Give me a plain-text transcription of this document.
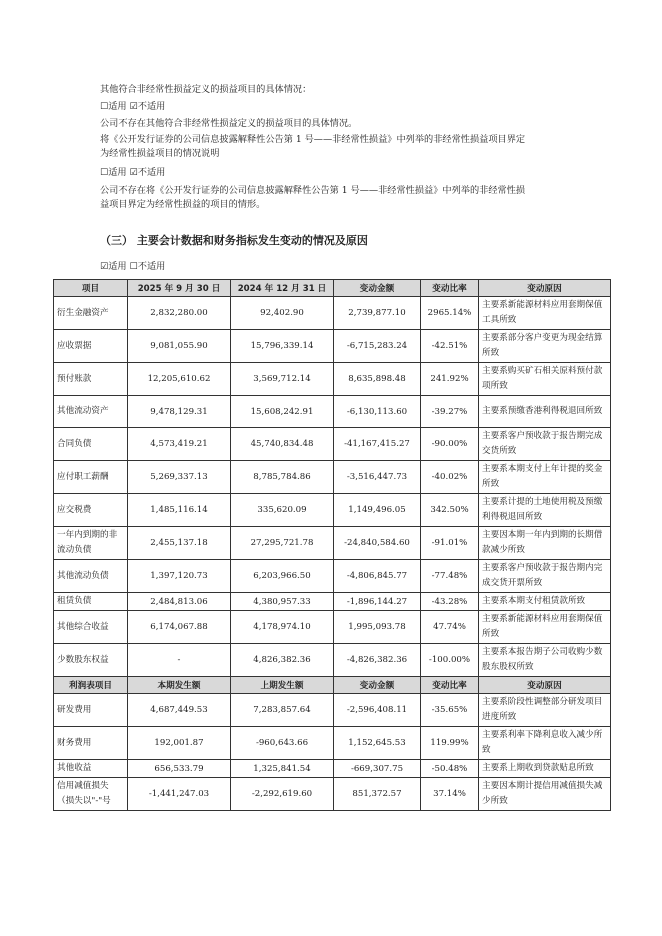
其他符合非经常性损益定义的损益项目的具体情况：
☐适用 ☑不适用
公司不存在其他符合非经常性损益定义的损益项目的具体情况。
将《公开发行证券的公司信息披露解释性公告第 1 号——非经常性损益》中列举的非经常性损益项目界定
为经常性损益项目的情况说明
☐适用 ☑不适用
公司不存在将《公开发行证券的公司信息披露解释性公告第 1 号——非经常性损益》中列举的非经常性损
益项目界定为经常性损益的项目的情形。
（三） 主要会计数据和财务指标发生变动的情况及原因
☑适用 ☐不适用
项目	2025 年 9 月 30 日	2024 年 12 月 31 日	变动金额	变动比率	变动原因
衍生金融资产	2,832,280.00	92,402.90	2,739,877.10	2965.14%	主要系新能源材料应用套期保值工具所致
应收票据	9,081,055.90	15,796,339.14	-6,715,283.24	-42.51%	主要系部分客户变更为现金结算所致
预付账款	12,205,610.62	3,569,712.14	8,635,898.48	241.92%	主要系购买矿石相关原料预付款项所致
其他流动资产	9,478,129.31	15,608,242.91	-6,130,113.60	-39.27%	主要系预缴香港利得税退回所致
合同负债	4,573,419.21	45,740,834.48	-41,167,415.27	-90.00%	主要系客户预收款于报告期完成交货所致
应付职工薪酬	5,269,337.13	8,785,784.86	-3,516,447.73	-40.02%	主要系本期支付上年计提的奖金所致
应交税费	1,485,116.14	335,620.09	1,149,496.05	342.50%	主要系计提的土地使用税及预缴利得税退回所致
一年内到期的非流动负债	2,455,137.18	27,295,721.78	-24,840,584.60	-91.01%	主要因本期一年内到期的长期借款减少所致
其他流动负债	1,397,120.73	6,203,966.50	-4,806,845.77	-77.48%	主要系客户预收款于报告期内完成交货开票所致
租赁负债	2,484,813.06	4,380,957.33	-1,896,144.27	-43.28%	主要系本期支付租赁款所致
其他综合收益	6,174,067.88	4,178,974.10	1,995,093.78	47.74%	主要系新能源材料应用套期保值所致
少数股东权益	-	4,826,382.36	-4,826,382.36	-100.00%	主要系本报告期子公司收购少数股东股权所致
利润表项目	本期发生额	上期发生额	变动金额	变动比率	变动原因
研发费用	4,687,449.53	7,283,857.64	-2,596,408.11	-35.65%	主要系阶段性调整部分研发项目进度所致
财务费用	192,001.87	-960,643.66	1,152,645.53	119.99%	主要系利率下降利息收入减少所致
其他收益	656,533.79	1,325,841.54	-669,307.75	-50.48%	主要系上期收到贷款贴息所致
信用减值损失（损失以"-"号	-1,441,247.03	-2,292,619.60	851,372.57	37.14%	主要因本期计提信用减值损失减少所致
